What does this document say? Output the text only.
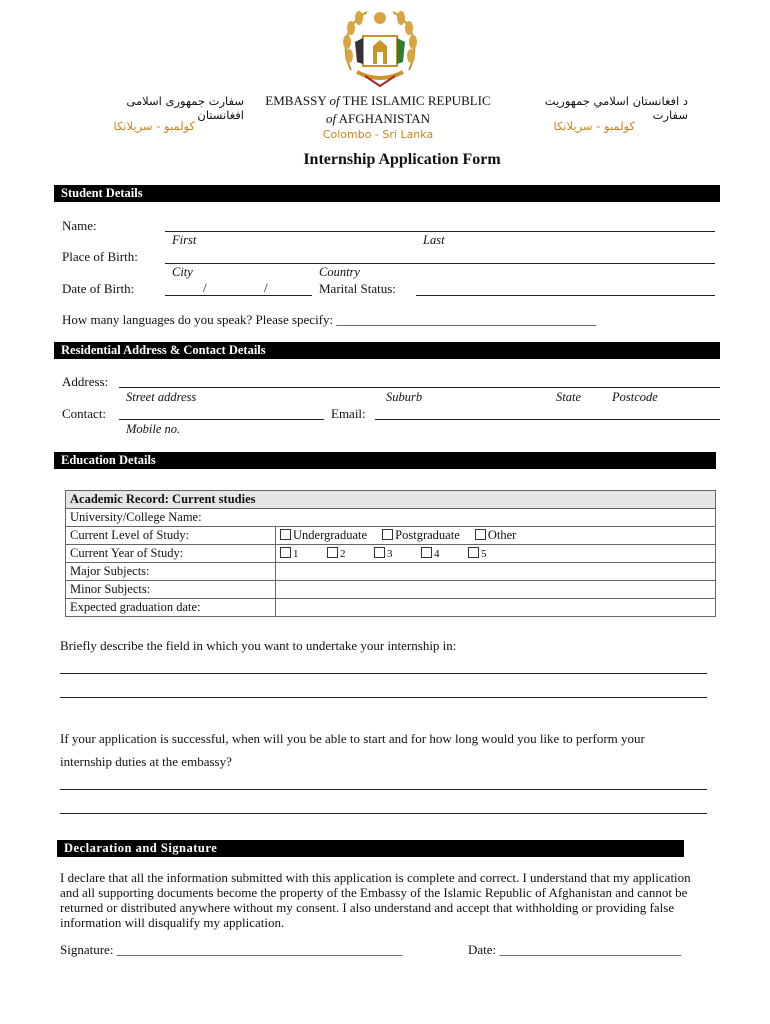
سفارت جمهوری اسلامی افغانستان
کولمبو - سریلانکا
EMBASSY of THE ISLAMIC REPUBLIC
of AFGHANISTAN
Colombo - Sri Lanka
د افغانستان اسلامي جمهوريت سفارت
کولمبو - سریلانکا
Internship Application Form
Student Details
Name:
First	Last
Place of Birth:
City	Country
Date of Birth:	/	/	Marital Status:
How many languages do you speak? Please specify: ________________________________________
Residential Address & Contact Details
Address:
Street address	Suburb	State Postcode
Contact:	Email:
Mobile no.
Education Details
Academic Record: Current studies	
University/College Name:	
Current Level of Study:	Undergraduate Postgraduate Other
Current Year of Study:	1 2 3 4 5
Major Subjects:	
Minor Subjects:	
Expected graduation date:	
Briefly describe the field in which you want to undertake your internship in:
If your application is successful, when will you be able to start and for how long would you like to perform your
internship duties at the embassy?
Declaration and Signature
I declare that all the information submitted with this application is complete and correct. I understand that my application and all supporting documents become the property of the Embassy of the Islamic Republic of Afghanistan and cannot be returned or distributed anywhere without my consent. I also understand and accept that withholding or providing false information will disqualify my application.
Signature: ____________________________________________	Date: ____________________________
